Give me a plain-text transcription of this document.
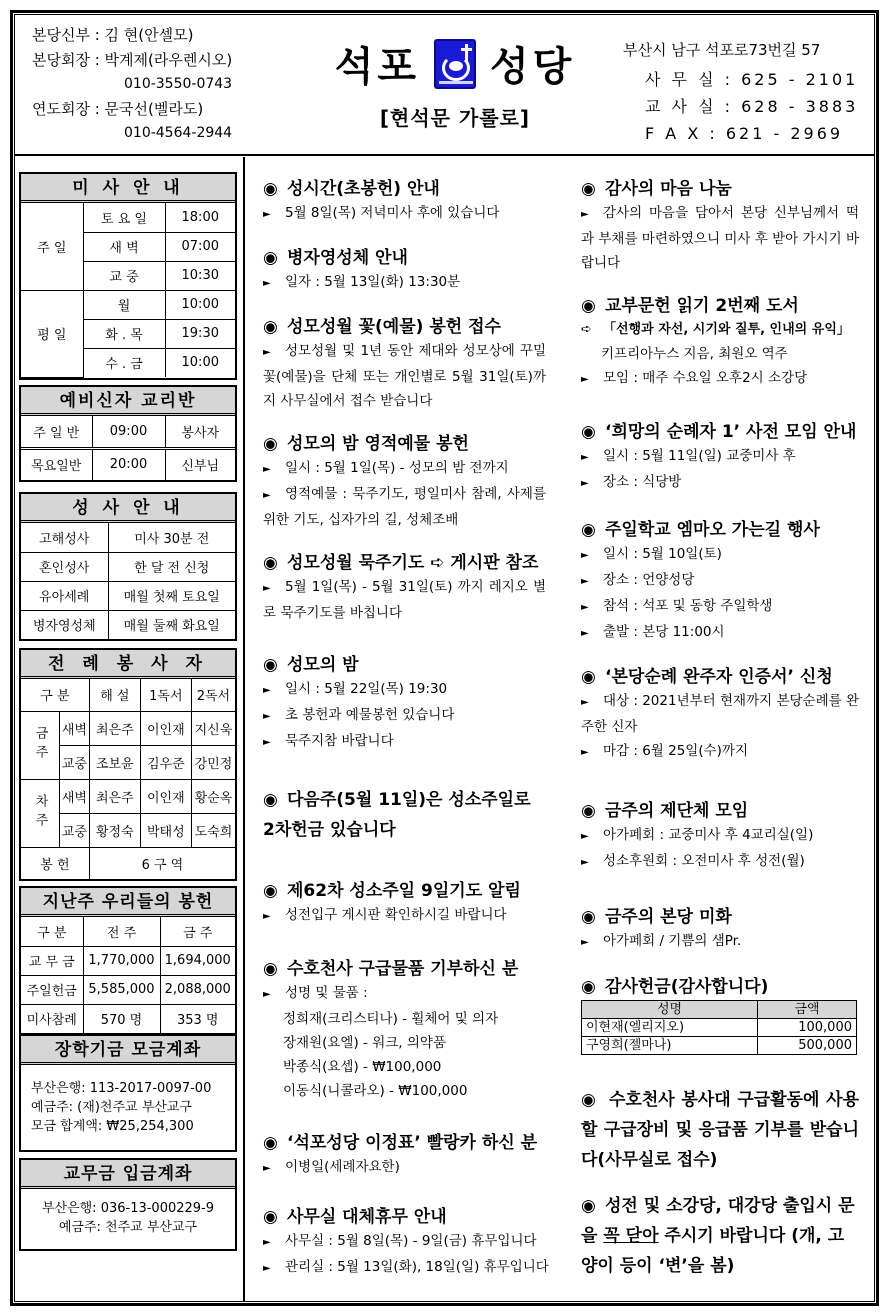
본당신부 : 김 현(안셀모)
본당회장 : 박계제(라우렌시오)
010-3550-0743
연도회장 : 문국선(벨라도)
010-4564-2944
석포 성당
[현석문 가롤로]
부산시 남구 석포로73번길 57
사 무 실 : 625 - 2101
교 사 실 : 628 - 3883
F A X : 621 - 2969
미 사 안 내
주 일	토 요 일	18:00
	새 벽	07:00
	교 중	10:30
평 일	월	10:00
	화 . 목	19:30
	수 . 금	10:00
예비신자 교리반
주 일 반	09:00	봉사자
목요일반	20:00	신부님
성 사 안 내
고해성사	미사 30분 전
혼인성사	한 달 전 신청
유아세례	매월 첫째 토요일
병자영성체	매월 둘째 화요일
전 례 봉 사 자
구 분		해 설	1독서	2독서
금주	새벽	최은주	이인재	지신욱
	교중	조보윤	김우준	강민정
차주	새벽	최은주	이인재	황순옥
	교중	황정숙	박태성	도숙희
봉 헌		6 구 역		
지난주 우리들의 봉헌
구 분	전 주	금 주
교 무 금	1,770,000	1,694,000
주일헌금	5,585,000	2,088,000
미사참례	570 명	353 명
장학기금 모금계좌
부산은행: 113-2017-0097-00
예금주: (재)천주교 부산교구
모금 합계액: ₩25,254,300
교무금 입금계좌
부산은행: 036-13-000229-9
예금주: 천주교 부산교구
◉ 성시간(초봉헌) 안내
► 5월 8일(목) 저녁미사 후에 있습니다
◉ 병자영성체 안내
► 일자 : 5월 13일(화) 13:30분
◉ 성모성월 꽃(예물) 봉헌 접수
► 성모성월 및 1년 동안 제대와 성모상에 꾸밀 꽃(예물)을 단체 또는 개인별로 5월 31일(토)까지 사무실에서 접수 받습니다
◉ 성모의 밤 영적예물 봉헌
► 일시 : 5월 1일(목) - 성모의 밤 전까지
► 영적예물 : 묵주기도, 평일미사 참례, 사제를 위한 기도, 십자가의 길, 성체조배
◉ 성모성월 묵주기도 ➪ 게시판 참조
► 5월 1일(목) - 5월 31일(토) 까지 레지오 별로 묵주기도를 바칩니다
◉ 성모의 밤
► 일시 : 5월 22일(목) 19:30
► 초 봉헌과 예물봉헌 있습니다
► 묵주지참 바랍니다
◉ 다음주(5월 11일)은 성소주일로 2차헌금 있습니다
◉ 제62차 성소주일 9일기도 알림
► 성전입구 게시판 확인하시길 바랍니다
◉ 수호천사 구급물품 기부하신 분
► 성명 및 물품 :
정희재(크리스티나) - 휠체어 및 의자
장재원(요엘) - 워크, 의약품
박종식(요셉) - ₩100,000
이동식(니콜라오) - ₩100,000
◉ ‘석포성당 이정표’ 빨랑카 하신 분
► 이병일(세례자요한)
◉ 사무실 대체휴무 안내
► 사무실 : 5월 8일(목) - 9일(금) 휴무입니다
► 관리실 : 5월 13일(화), 18일(일) 휴무입니다
◉ 감사의 마음 나눔
► 감사의 마음을 담아서 본당 신부님께서 떡과 부채를 마련하였으니 미사 후 받아 가시기 바랍니다
◉ 교부문헌 읽기 2번째 도서
➪ 「선행과 자선, 시기와 질투, 인내의 유익」
키프리아누스 지음, 최원오 역주
► 모임 : 매주 수요일 오후2시 소강당
◉ ‘희망의 순례자 1’ 사전 모임 안내
► 일시 : 5월 11일(일) 교중미사 후
► 장소 : 식당방
◉ 주일학교 엠마오 가는길 행사
► 일시 : 5월 10일(토)
► 장소 : 언양성당
► 참석 : 석포 및 동항 주일학생
► 출발 : 본당 11:00시
◉ ‘본당순례 완주자 인증서’ 신청
► 대상 : 2021년부터 현재까지 본당순례를 완주한 신자
► 마감 : 6월 25일(수)까지
◉ 금주의 제단체 모임
► 아가페회 : 교중미사 후 4교리실(일)
► 성소후원회 : 오전미사 후 성전(월)
◉ 금주의 본당 미화
► 아가페회 / 기쁨의 샘Pr.
◉ 감사헌금(감사합니다)
성명	금액
이현재(엘리지오)	100,000
구영희(젤마나)	500,000
◉ 수호천사 봉사대 구급활동에 사용할 구급장비 및 응급품 기부를 받습니다(사무실로 접수)
◉ 성전 및 소강당, 대강당 출입시 문을 꼭 닫아 주시기 바랍니다 (개, 고양이 등이 ‘변’을 봄)
